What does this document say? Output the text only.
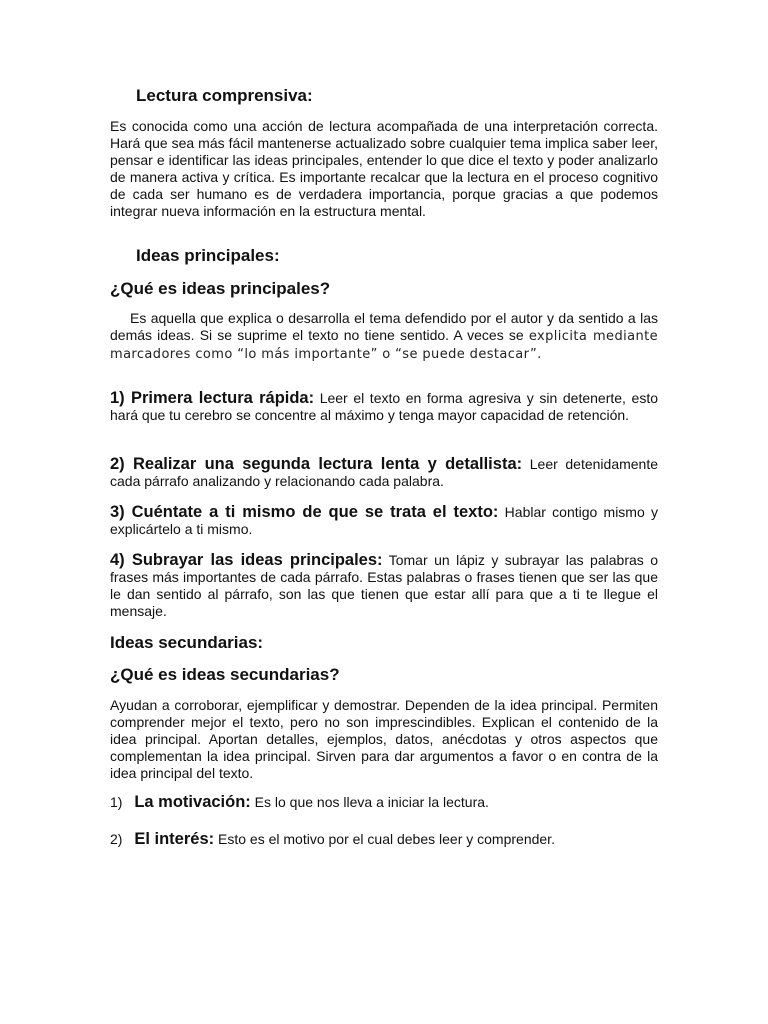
Lectura comprensiva:

Es conocida como una acción de lectura acompañada de una interpretación correcta. Hará que sea más fácil mantenerse actualizado sobre cualquier tema implica saber leer, pensar e identificar las ideas principales, entender lo que dice el texto y poder analizarlo de manera activa y crítica. Es importante recalcar que la lectura en el proceso cognitivo de cada ser humano es de verdadera importancia, porque gracias a que podemos integrar nueva información en la estructura mental.

Ideas principales:
¿Qué es ideas principales?

Es aquella que explica o desarrolla el tema defendido por el autor y da sentido a las demás ideas. Si se suprime el texto no tiene sentido. A veces se explicita mediante marcadores como “lo más importante” o “se puede destacar”.

1) Primera lectura rápida: Leer el texto en forma agresiva y sin detenerte, esto hará que tu cerebro se concentre al máximo y tenga mayor capacidad de retención.

2) Realizar una segunda lectura lenta y detallista: Leer detenidamente cada párrafo analizando y relacionando cada palabra.

3) Cuéntate a ti mismo de que se trata el texto: Hablar contigo mismo y explicártelo a ti mismo.

4) Subrayar las ideas principales: Tomar un lápiz y subrayar las palabras o frases más importantes de cada párrafo. Estas palabras o frases tienen que ser las que le dan sentido al párrafo, son las que tienen que estar allí para que a ti te llegue el mensaje.

Ideas secundarias:
¿Qué es ideas secundarias?

Ayudan a corroborar, ejemplificar y demostrar. Dependen de la idea principal. Permiten comprender mejor el texto, pero no son imprescindibles. Explican el contenido de la idea principal. Aportan detalles, ejemplos, datos, anécdotas y otros aspectos que complementan la idea principal. Sirven para dar argumentos a favor o en contra de la idea principal del texto.

1) La motivación: Es lo que nos lleva a iniciar la lectura.

2) El interés: Esto es el motivo por el cual debes leer y comprender.
